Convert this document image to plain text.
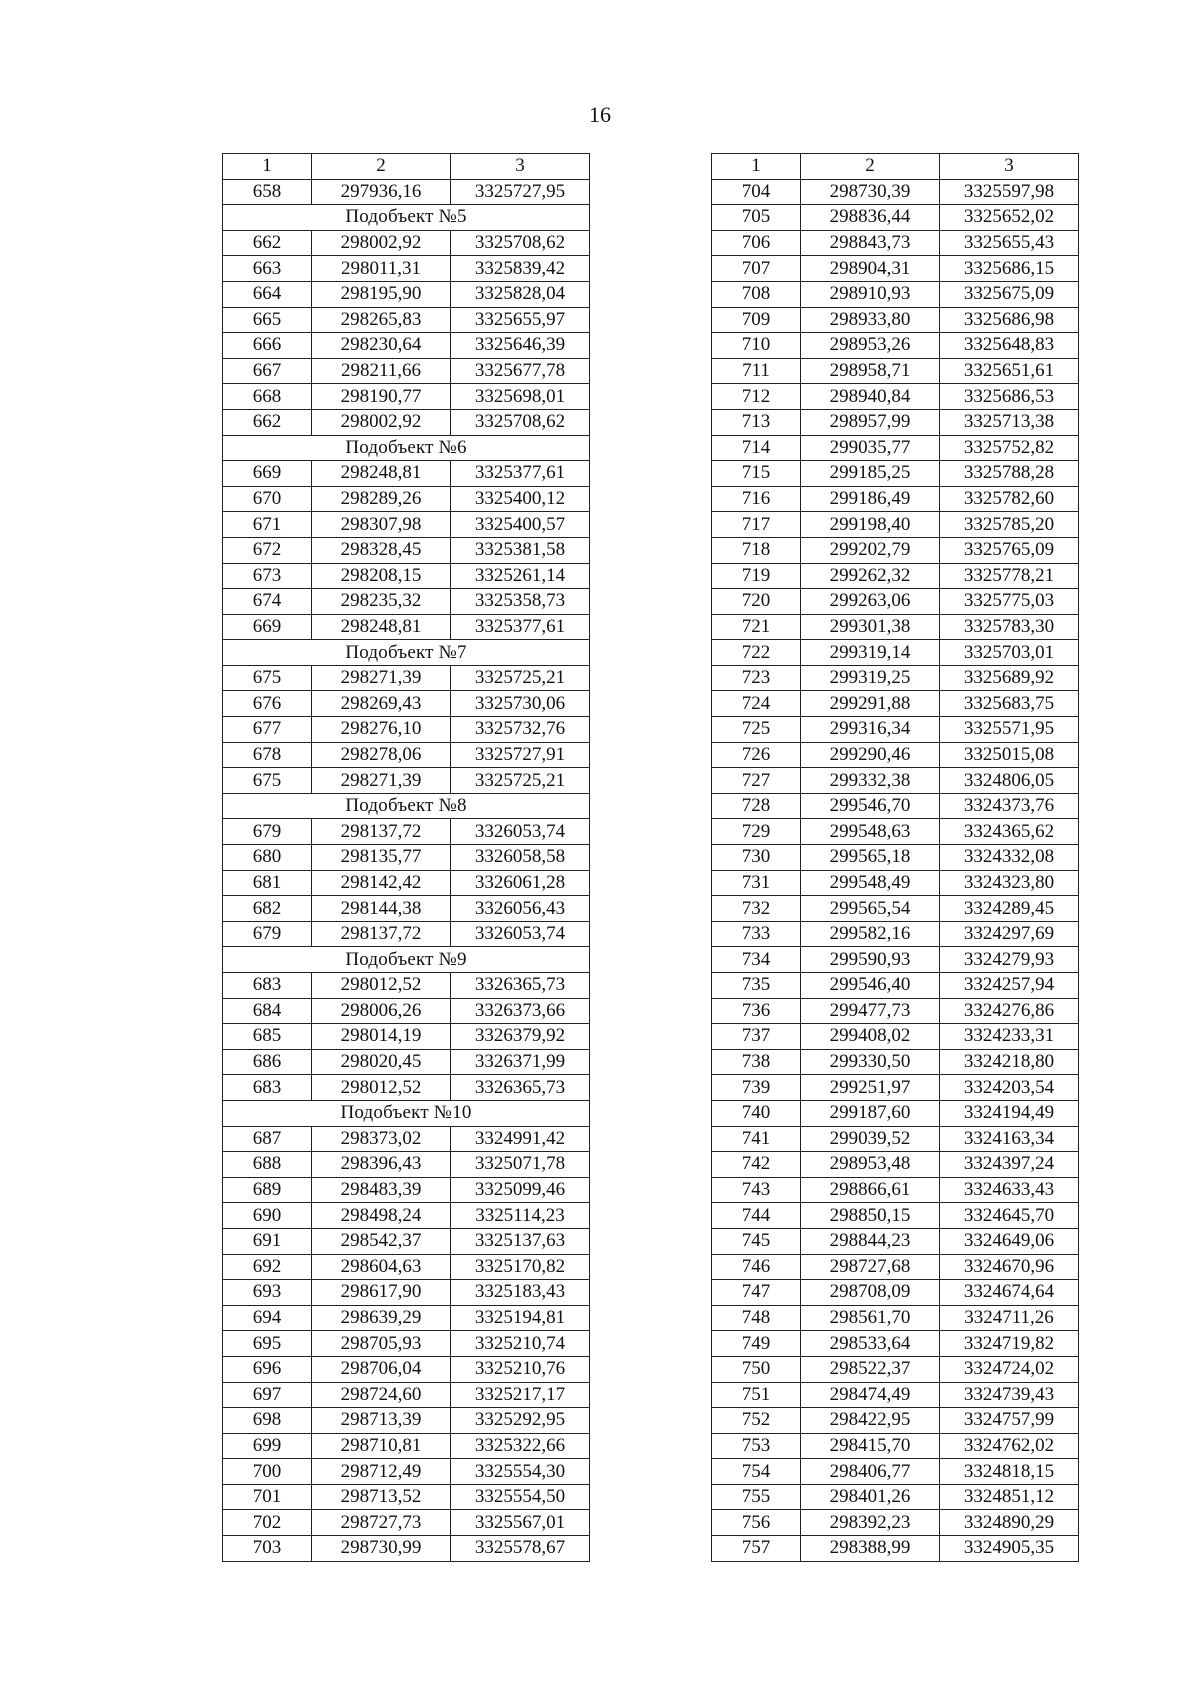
16
1	2	3
658	297936,16	3325727,95
Подобъект №5		
662	298002,92	3325708,62
663	298011,31	3325839,42
664	298195,90	3325828,04
665	298265,83	3325655,97
666	298230,64	3325646,39
667	298211,66	3325677,78
668	298190,77	3325698,01
662	298002,92	3325708,62
Подобъект №6		
669	298248,81	3325377,61
670	298289,26	3325400,12
671	298307,98	3325400,57
672	298328,45	3325381,58
673	298208,15	3325261,14
674	298235,32	3325358,73
669	298248,81	3325377,61
Подобъект №7		
675	298271,39	3325725,21
676	298269,43	3325730,06
677	298276,10	3325732,76
678	298278,06	3325727,91
675	298271,39	3325725,21
Подобъект №8		
679	298137,72	3326053,74
680	298135,77	3326058,58
681	298142,42	3326061,28
682	298144,38	3326056,43
679	298137,72	3326053,74
Подобъект №9		
683	298012,52	3326365,73
684	298006,26	3326373,66
685	298014,19	3326379,92
686	298020,45	3326371,99
683	298012,52	3326365,73
Подобъект №10		
687	298373,02	3324991,42
688	298396,43	3325071,78
689	298483,39	3325099,46
690	298498,24	3325114,23
691	298542,37	3325137,63
692	298604,63	3325170,82
693	298617,90	3325183,43
694	298639,29	3325194,81
695	298705,93	3325210,74
696	298706,04	3325210,76
697	298724,60	3325217,17
698	298713,39	3325292,95
699	298710,81	3325322,66
700	298712,49	3325554,30
701	298713,52	3325554,50
702	298727,73	3325567,01
703	298730,99	3325578,67
1	2	3
704	298730,39	3325597,98
705	298836,44	3325652,02
706	298843,73	3325655,43
707	298904,31	3325686,15
708	298910,93	3325675,09
709	298933,80	3325686,98
710	298953,26	3325648,83
711	298958,71	3325651,61
712	298940,84	3325686,53
713	298957,99	3325713,38
714	299035,77	3325752,82
715	299185,25	3325788,28
716	299186,49	3325782,60
717	299198,40	3325785,20
718	299202,79	3325765,09
719	299262,32	3325778,21
720	299263,06	3325775,03
721	299301,38	3325783,30
722	299319,14	3325703,01
723	299319,25	3325689,92
724	299291,88	3325683,75
725	299316,34	3325571,95
726	299290,46	3325015,08
727	299332,38	3324806,05
728	299546,70	3324373,76
729	299548,63	3324365,62
730	299565,18	3324332,08
731	299548,49	3324323,80
732	299565,54	3324289,45
733	299582,16	3324297,69
734	299590,93	3324279,93
735	299546,40	3324257,94
736	299477,73	3324276,86
737	299408,02	3324233,31
738	299330,50	3324218,80
739	299251,97	3324203,54
740	299187,60	3324194,49
741	299039,52	3324163,34
742	298953,48	3324397,24
743	298866,61	3324633,43
744	298850,15	3324645,70
745	298844,23	3324649,06
746	298727,68	3324670,96
747	298708,09	3324674,64
748	298561,70	3324711,26
749	298533,64	3324719,82
750	298522,37	3324724,02
751	298474,49	3324739,43
752	298422,95	3324757,99
753	298415,70	3324762,02
754	298406,77	3324818,15
755	298401,26	3324851,12
756	298392,23	3324890,29
757	298388,99	3324905,35
